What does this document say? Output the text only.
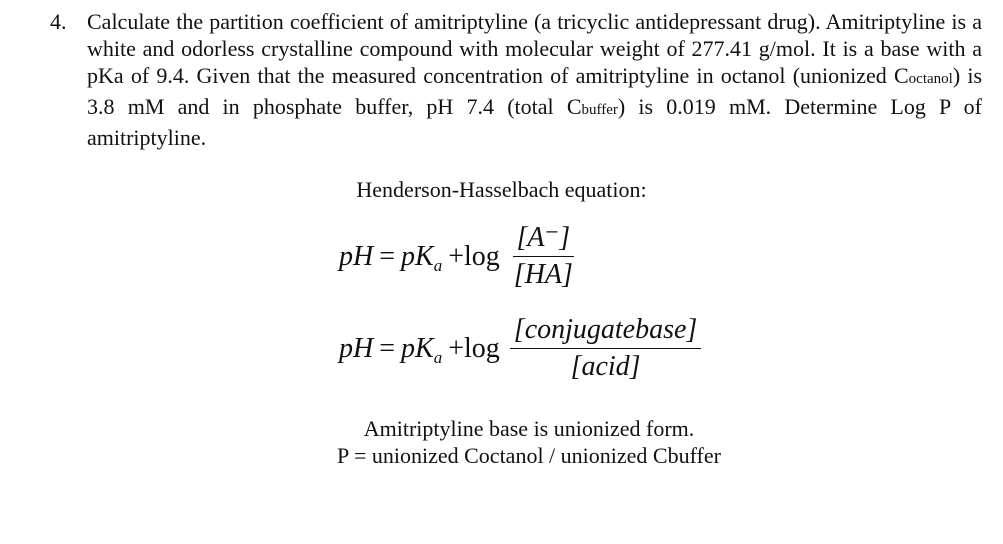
4. Calculate the partition coefficient of amitriptyline (a tricyclic antidepressant drug). Amitriptyline is a white and odorless crystalline compound with molecular weight of 277.41 g/mol. It is a base with a pKa of 9.4. Given that the measured concentration of amitriptyline in octanol (unionized Coctanol) is 3.8 mM and in phosphate buffer, pH 7.4 (total Cbuffer) is 0.019 mM. Determine Log P of amitriptyline.
Henderson-Hasselbach equation:
pH = pK $a +\log \frac{[A^-]}{[HA]}$
pH = pK $a +\log \frac{\text{[conjugatebase]}}{\text{[acid]}}$
Amitriptyline base is unionized form.
P = unionized Coctanol / unionized Cbuffer
